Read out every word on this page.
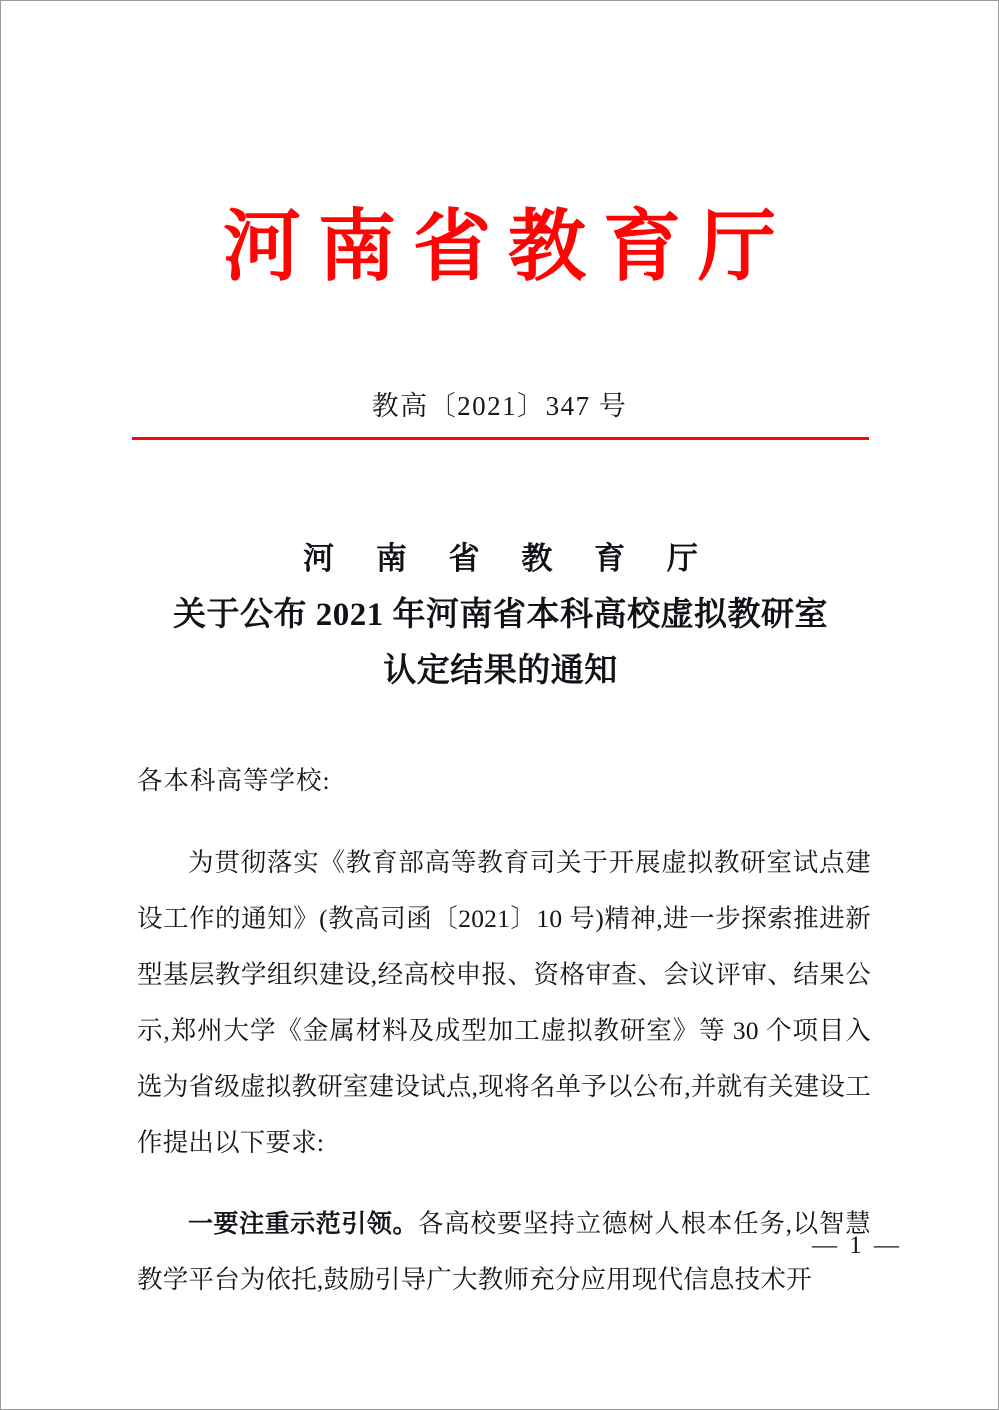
河南省教育厅
教高〔2021〕347 号
河 南 省 教 育 厅
关于公布 2021 年河南省本科高校虚拟教研室
认定结果的通知
各本科高等学校:

为贯彻落实《教育部高等教育司关于开展虚拟教研室试点建设工作的通知》(教高司函〔2021〕10 号)精神,进一步探索推进新型基层教学组织建设,经高校申报、资格审查、会议评审、结果公示,郑州大学《金属材料及成型加工虚拟教研室》等 30 个项目入选为省级虚拟教研室建设试点,现将名单予以公布,并就有关建设工作提出以下要求:

一要注重示范引领。各高校要坚持立德树人根本任务,以智慧教学平台为依托,鼓励引导广大教师充分应用现代信息技术开

— 1 —
